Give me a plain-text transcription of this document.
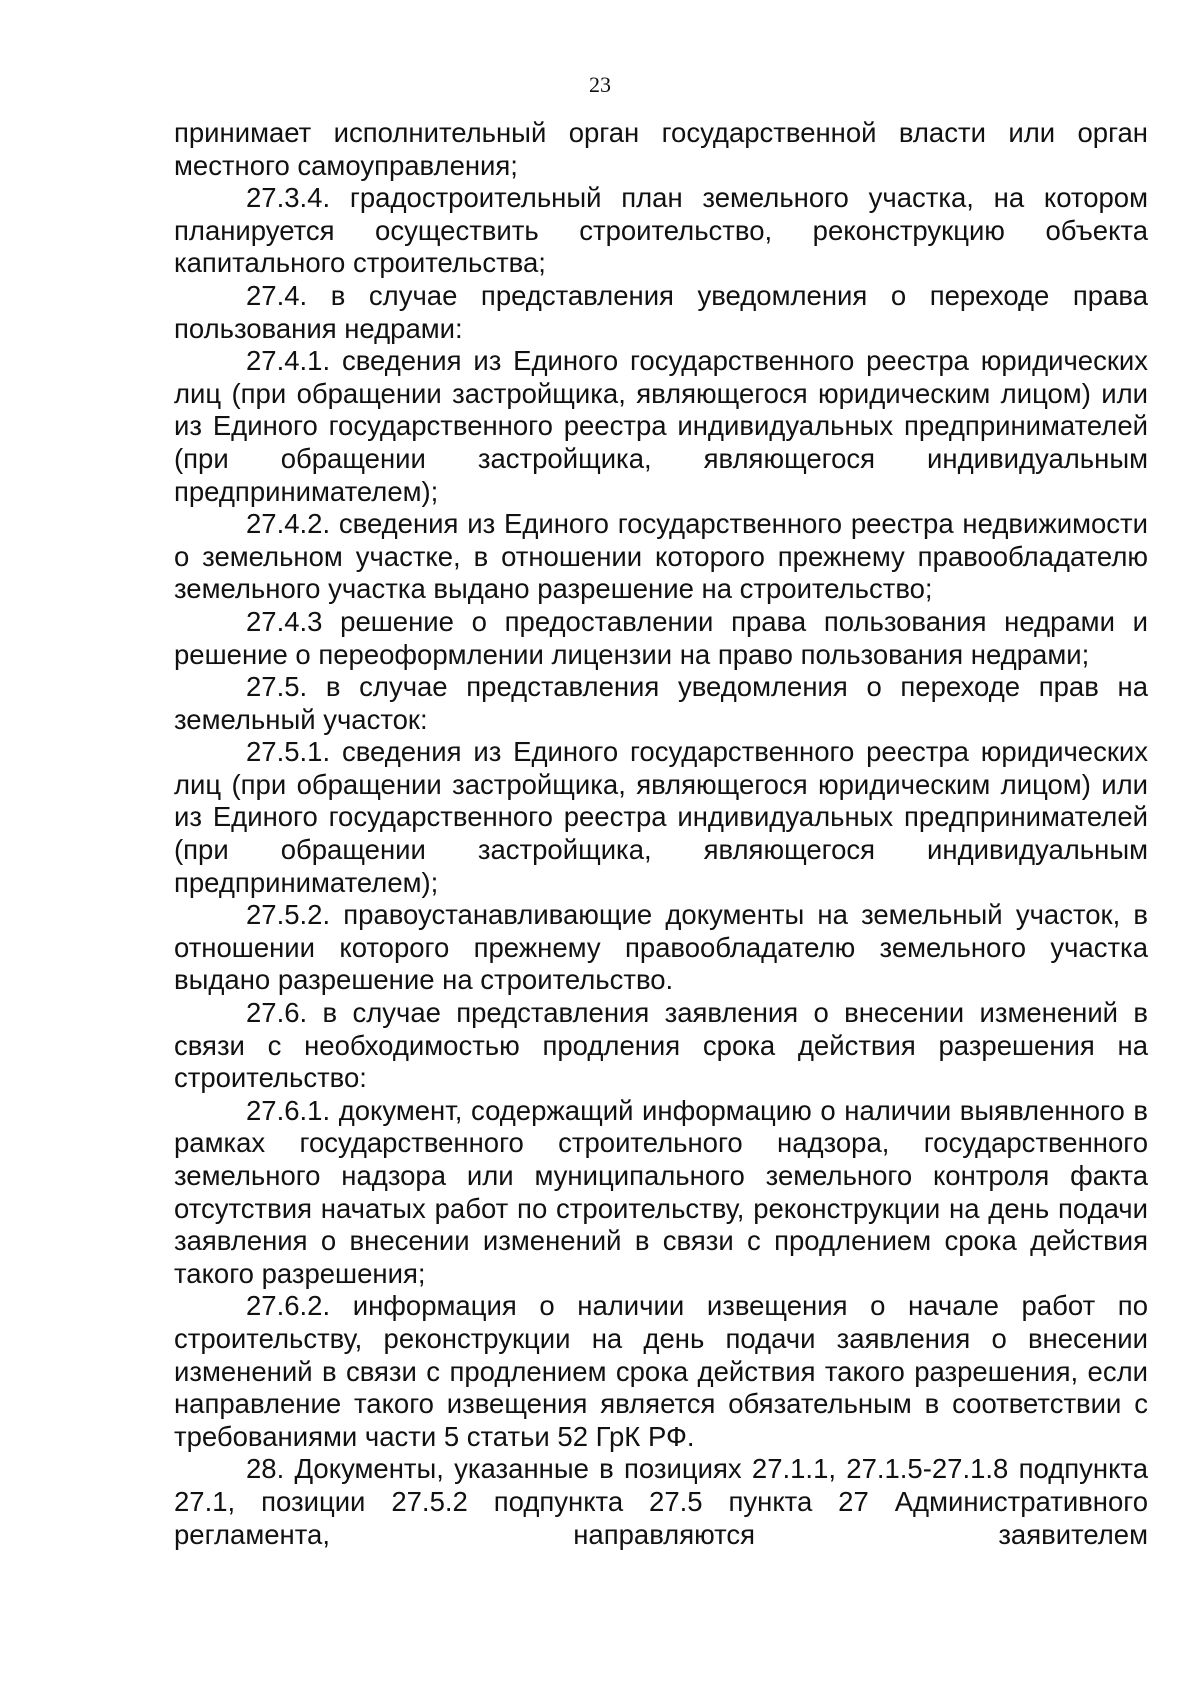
23

принимает исполнительный орган государственной власти или орган местного самоуправления;

27.3.4. градостроительный план земельного участка, на котором планируется осуществить строительство, реконструкцию объекта капитального строительства;

27.4. в случае представления уведомления о переходе права пользования недрами:

27.4.1. сведения из Единого государственного реестра юридических лиц (при обращении застройщика, являющегося юридическим лицом) или из Единого государственного реестра индивидуальных предпринимателей (при обращении застройщика, являющегося индивидуальным предпринимателем);

27.4.2. сведения из Единого государственного реестра недвижимости о земельном участке, в отношении которого прежнему правообладателю земельного участка выдано разрешение на строительство;

27.4.3 решение о предоставлении права пользования недрами и решение о переоформлении лицензии на право пользования недрами;

27.5. в случае представления уведомления о переходе прав на земельный участок:

27.5.1. сведения из Единого государственного реестра юридических лиц (при обращении застройщика, являющегося юридическим лицом) или из Единого государственного реестра индивидуальных предпринимателей (при обращении застройщика, являющегося индивидуальным предпринимателем);

27.5.2. правоустанавливающие документы на земельный участок, в отношении которого прежнему правообладателю земельного участка выдано разрешение на строительство.

27.6. в случае представления заявления о внесении изменений в связи с необходимостью продления срока действия разрешения на строительство:

27.6.1. документ, содержащий информацию о наличии выявленного в рамках государственного строительного надзора, государственного земельного надзора или муниципального земельного контроля факта отсутствия начатых работ по строительству, реконструкции на день подачи заявления о внесении изменений в связи с продлением срока действия такого разрешения;

27.6.2. информация о наличии извещения о начале работ по строительству, реконструкции на день подачи заявления о внесении изменений в связи с продлением срока действия такого разрешения, если направление такого извещения является обязательным в соответствии с требованиями части 5 статьи 52 ГрК РФ.

28. Документы, указанные в позициях 27.1.1, 27.1.5-27.1.8 подпункта 27.1, позиции 27.5.2 подпункта 27.5 пункта 27 Административного регламента, направляются заявителем
